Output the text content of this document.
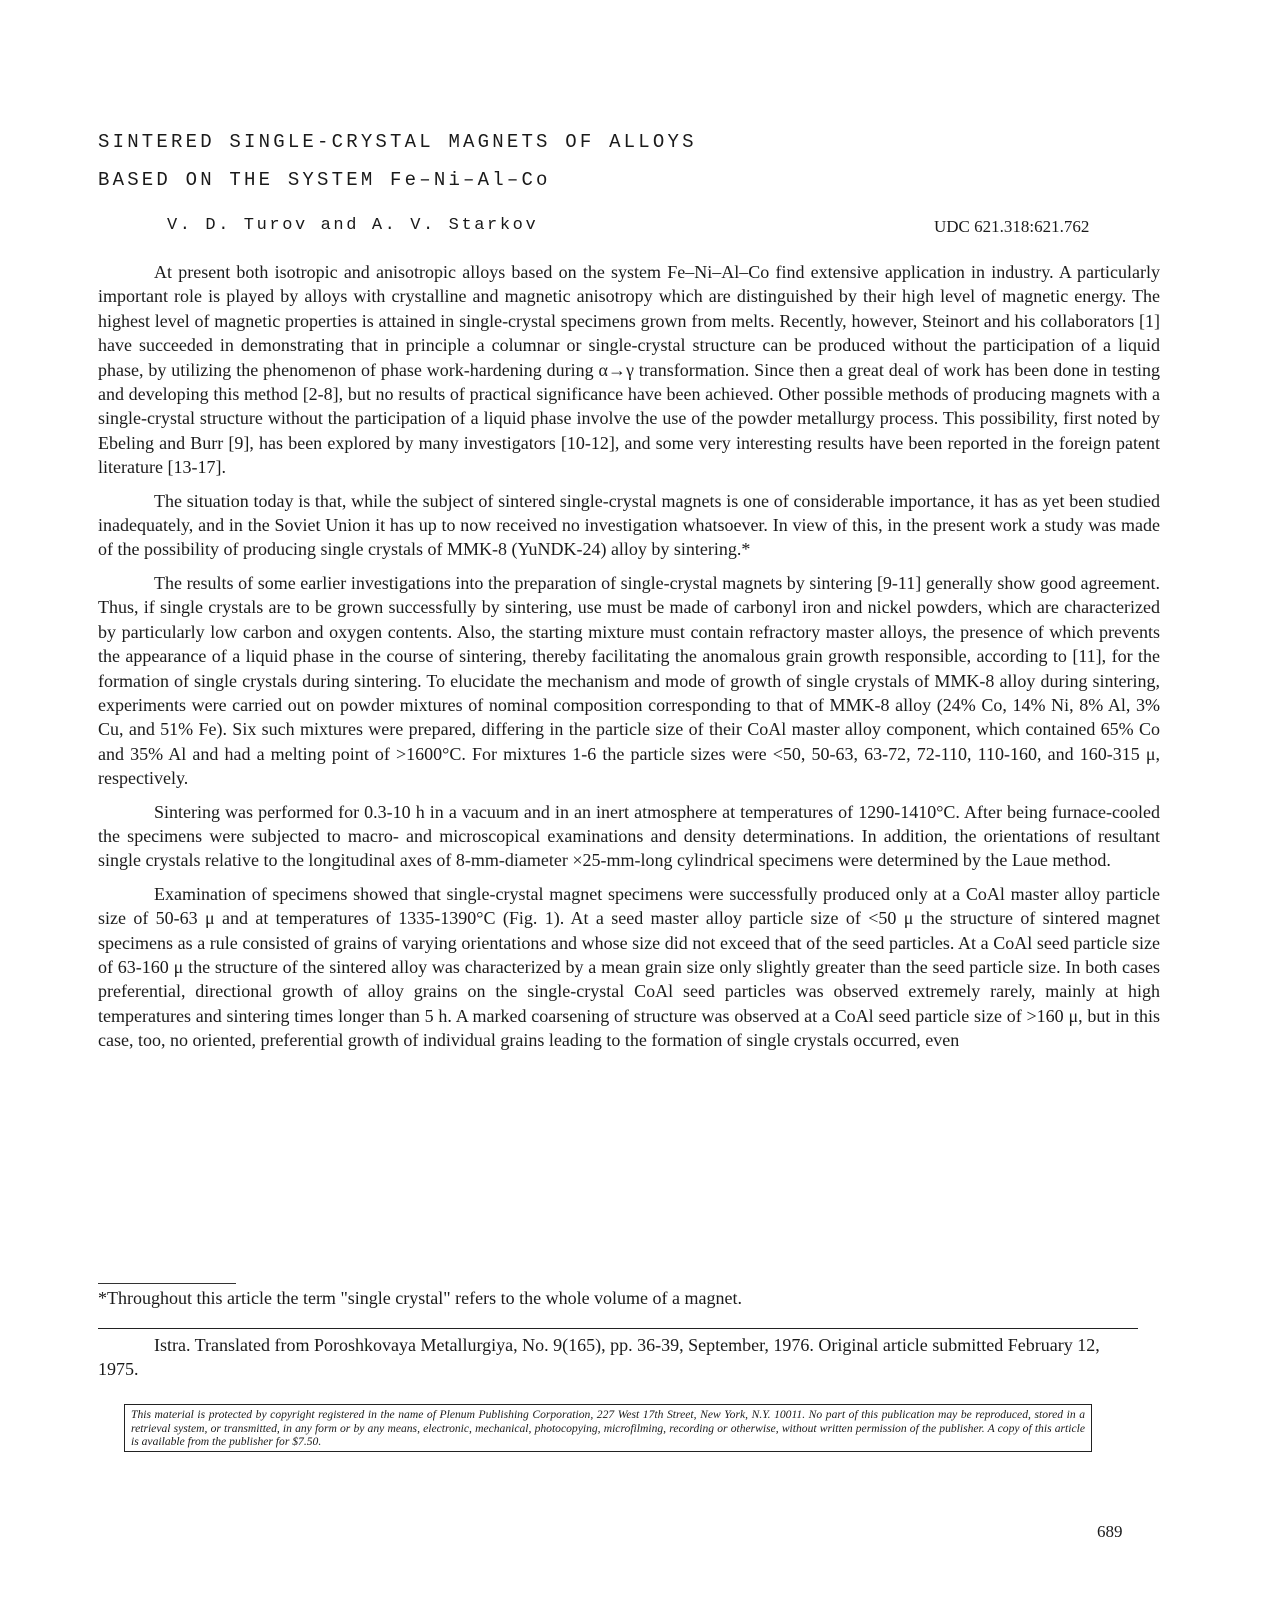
SINTERED SINGLE-CRYSTAL MAGNETS OF ALLOYS
BASED ON THE SYSTEM Fe–Ni–Al–Co
V. D. Turov and A. V. Starkov	UDC 621.318:621.762

At present both isotropic and anisotropic alloys based on the system Fe–Ni–Al–Co find extensive application in industry. A particularly important role is played by alloys with crystalline and magnetic anisotropy which are distinguished by their high level of magnetic energy. The highest level of magnetic properties is attained in single-crystal specimens grown from melts. Recently, however, Steinort and his collaborators [1] have succeeded in demonstrating that in principle a columnar or single-crystal structure can be produced without the participation of a liquid phase, by utilizing the phenomenon of phase work-hardening during α→γ transformation. Since then a great deal of work has been done in testing and developing this method [2-8], but no results of practical significance have been achieved. Other possible methods of producing magnets with a single-crystal structure without the participation of a liquid phase involve the use of the powder metallurgy process. This possibility, first noted by Ebeling and Burr [9], has been explored by many investigators [10-12], and some very interesting results have been reported in the foreign patent literature [13-17].

The situation today is that, while the subject of sintered single-crystal magnets is one of considerable importance, it has as yet been studied inadequately, and in the Soviet Union it has up to now received no investigation whatsoever. In view of this, in the present work a study was made of the possibility of producing single crystals of MMK-8 (YuNDK-24) alloy by sintering.*

The results of some earlier investigations into the preparation of single-crystal magnets by sintering [9-11] generally show good agreement. Thus, if single crystals are to be grown successfully by sintering, use must be made of carbonyl iron and nickel powders, which are characterized by particularly low carbon and oxygen contents. Also, the starting mixture must contain refractory master alloys, the presence of which prevents the appearance of a liquid phase in the course of sintering, thereby facilitating the anomalous grain growth responsible, according to [11], for the formation of single crystals during sintering. To elucidate the mechanism and mode of growth of single crystals of MMK-8 alloy during sintering, experiments were carried out on powder mixtures of nominal composition corresponding to that of MMK-8 alloy (24% Co, 14% Ni, 8% Al, 3% Cu, and 51% Fe). Six such mixtures were prepared, differing in the particle size of their CoAl master alloy component, which contained 65% Co and 35% Al and had a melting point of >1600°C. For mixtures 1-6 the particle sizes were <50, 50-63, 63-72, 72-110, 110-160, and 160-315 μ, respectively.

Sintering was performed for 0.3-10 h in a vacuum and in an inert atmosphere at temperatures of 1290-1410°C. After being furnace-cooled the specimens were subjected to macro- and microscopical examinations and density determinations. In addition, the orientations of resultant single crystals relative to the longitudinal axes of 8-mm-diameter ×25-mm-long cylindrical specimens were determined by the Laue method.

Examination of specimens showed that single-crystal magnet specimens were successfully produced only at a CoAl master alloy particle size of 50-63 μ and at temperatures of 1335-1390°C (Fig. 1). At a seed master alloy particle size of <50 μ the structure of sintered magnet specimens as a rule consisted of grains of varying orientations and whose size did not exceed that of the seed particles. At a CoAl seed particle size of 63-160 μ the structure of the sintered alloy was characterized by a mean grain size only slightly greater than the seed particle size. In both cases preferential, directional growth of alloy grains on the single-crystal CoAl seed particles was observed extremely rarely, mainly at high temperatures and sintering times longer than 5 h. A marked coarsening of structure was observed at a CoAl seed particle size of >160 μ, but in this case, too, no oriented, preferential growth of individual grains leading to the formation of single crystals occurred, even

*Throughout this article the term "single crystal" refers to the whole volume of a magnet.
Istra. Translated from Poroshkovaya Metallurgiya, No. 9(165), pp. 36-39, September, 1976. Original article submitted February 12, 1975.
This material is protected by copyright registered in the name of Plenum Publishing Corporation, 227 West 17th Street, New York, N.Y. 10011. No part of this publication may be reproduced, stored in a retrieval system, or transmitted, in any form or by any means, electronic, mechanical, photocopying, microfilming, recording or otherwise, without written permission of the publisher. A copy of this article is available from the publisher for $7.50.
689
